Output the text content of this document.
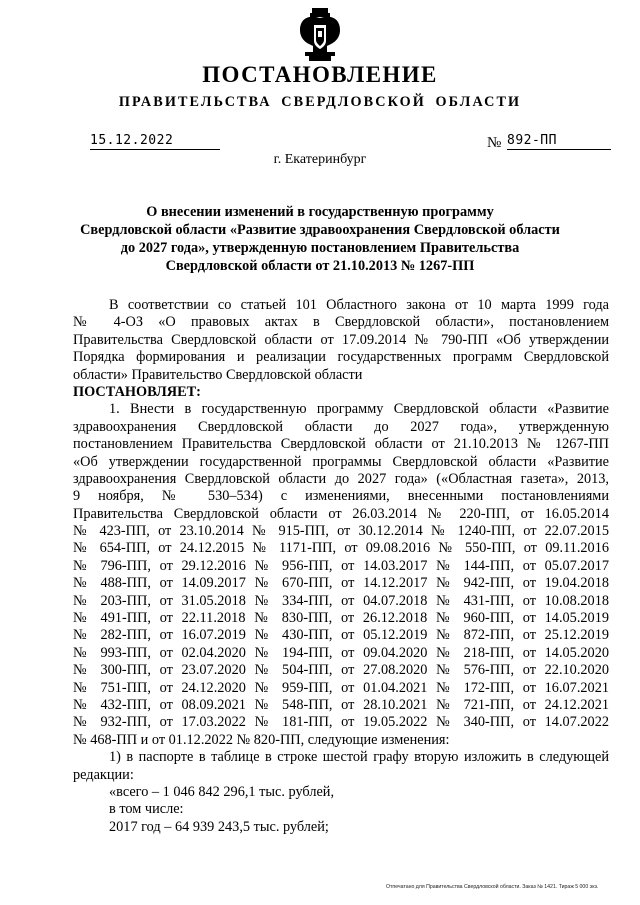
ПОСТАНОВЛЕНИЕ
ПРАВИТЕЛЬСТВА СВЕРДЛОВСКОЙ ОБЛАСТИ
15.12.2022	№ 892-ПП
г. Екатеринбург
О внесении изменений в государственную программу
Свердловской области «Развитие здравоохранения Свердловской области
до 2027 года», утвержденную постановлением Правительства
Свердловской области от 21.10.2013 № 1267-ПП
В соответствии со статьей 101 Областного закона от 10 марта 1999 года
№ 4-ОЗ «О правовых актах в Свердловской области», постановлением
Правительства Свердловской области от 17.09.2014 № 790-ПП «Об утверждении
Порядка формирования и реализации государственных программ Свердловской
области» Правительство Свердловской области
ПОСТАНОВЛЯЕТ:
1. Внести в государственную программу Свердловской области «Развитие
здравоохранения Свердловской области до 2027 года», утвержденную
постановлением Правительства Свердловской области от 21.10.2013 № 1267-ПП
«Об утверждении государственной программы Свердловской области «Развитие
здравоохранения Свердловской области до 2027 года» («Областная газета», 2013,
9 ноября, № 530–534) с изменениями, внесенными постановлениями
Правительства Свердловской области от 26.03.2014 № 220-ПП, от 16.05.2014
№ 423-ПП, от 23.10.2014 № 915-ПП, от 30.12.2014 № 1240-ПП, от 22.07.2015
№ 654-ПП, от 24.12.2015 № 1171-ПП, от 09.08.2016 № 550-ПП, от 09.11.2016
№ 796-ПП, от 29.12.2016 № 956-ПП, от 14.03.2017 № 144-ПП, от 05.07.2017
№ 488-ПП, от 14.09.2017 № 670-ПП, от 14.12.2017 № 942-ПП, от 19.04.2018
№ 203-ПП, от 31.05.2018 № 334-ПП, от 04.07.2018 № 431-ПП, от 10.08.2018
№ 491-ПП, от 22.11.2018 № 830-ПП, от 26.12.2018 № 960-ПП, от 14.05.2019
№ 282-ПП, от 16.07.2019 № 430-ПП, от 05.12.2019 № 872-ПП, от 25.12.2019
№ 993-ПП, от 02.04.2020 № 194-ПП, от 09.04.2020 № 218-ПП, от 14.05.2020
№ 300-ПП, от 23.07.2020 № 504-ПП, от 27.08.2020 № 576-ПП, от 22.10.2020
№ 751-ПП, от 24.12.2020 № 959-ПП, от 01.04.2021 № 172-ПП, от 16.07.2021
№ 432-ПП, от 08.09.2021 № 548-ПП, от 28.10.2021 № 721-ПП, от 24.12.2021
№ 932-ПП, от 17.03.2022 № 181-ПП, от 19.05.2022 № 340-ПП, от 14.07.2022
№ 468-ПП и от 01.12.2022 № 820-ПП, следующие изменения:
1) в паспорте в таблице в строке шестой графу вторую изложить в следующей
редакции:
«всего – 1 046 842 296,1 тыс. рублей,
в том числе:
2017 год – 64 939 243,5 тыс. рублей;
Отпечатано для Правительства Свердловской области. Заказ № 1421. Тираж 5 000 экз.
